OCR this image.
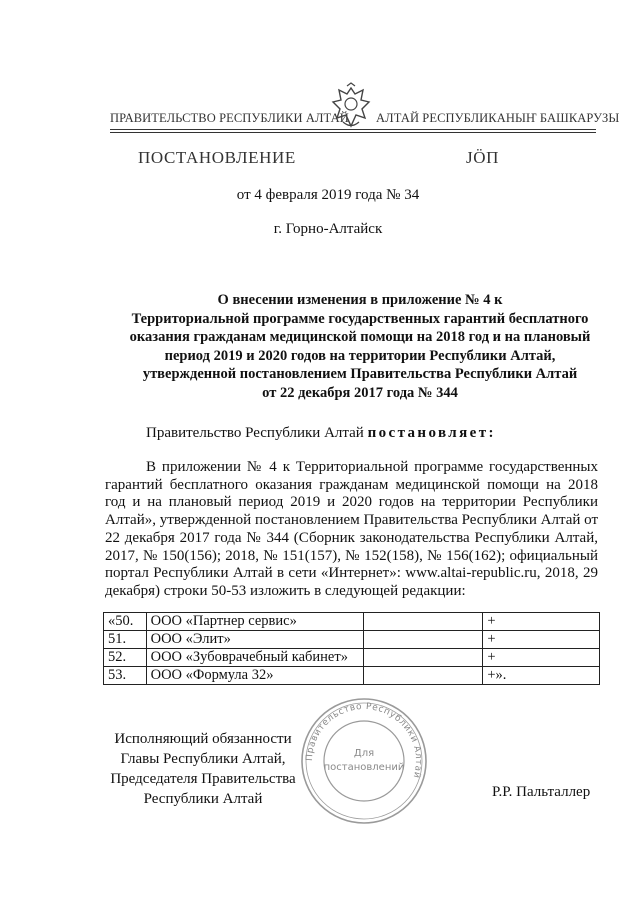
ПРАВИТЕЛЬСТВО РЕСПУБЛИКИ АЛТАЙ АЛТАЙ РЕСПУБЛИКАНЫҤ БАШКАРУЗЫ
ПОСТАНОВЛЕНИЕ	JÖП
от 4 февраля 2019 года № 34
г. Горно-Алтайск
О внесении изменения в приложение № 4 к
Территориальной программе государственных гарантий бесплатного
оказания гражданам медицинской помощи на 2018 год и на плановый
период 2019 и 2020 годов на территории Республики Алтай,
утвержденной постановлением Правительства Республики Алтай
от 22 декабря 2017 года № 344
Правительство Республики Алтай постановляет:
В приложении № 4 к Территориальной программе государственных гарантий бесплатного оказания гражданам медицинской помощи на 2018 год и на плановый период 2019 и 2020 годов на территории Республики Алтай», утвержденной постановлением Правительства Республики Алтай от 22 декабря 2017 года № 344 (Сборник законодательства Республики Алтай, 2017, № 150(156); 2018, № 151(157), № 152(158), № 156(162); официальный портал Республики Алтай в сети «Интернет»: www.altai-republic.ru, 2018, 29 декабря) строки 50-53 изложить в следующей редакции:
«50.	ООО «Партнер сервис»		+
51.	ООО «Элит»		+
52.	ООО «Зубоврачебный кабинет»		+
53.	ООО «Формула 32»		+».
Исполняющий обязанности
Главы Республики Алтай,
Председателя Правительства
Республики Алтай
Правительство Республики Алтай
Для
постановлений
Р.Р. Пальталлер
